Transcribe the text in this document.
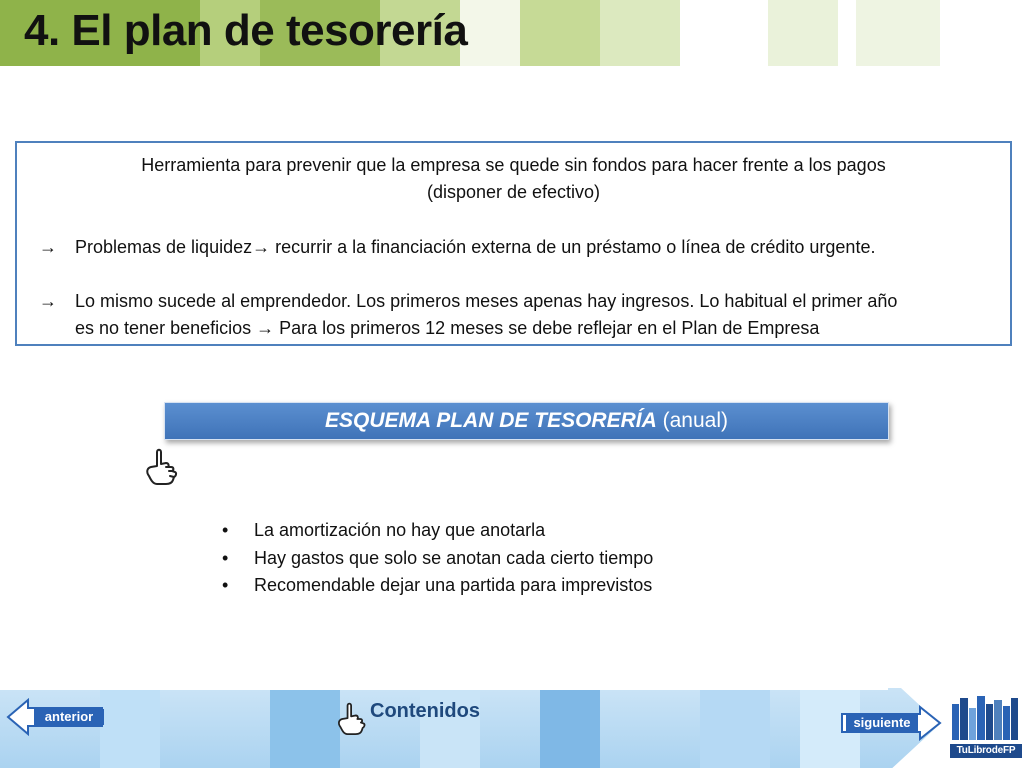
4. El plan de tesorería
Herramienta para prevenir que la empresa se quede sin fondos para hacer frente a los pagos
(disponer de efectivo)
→ Problemas de liquidez→ recurrir a la financiación externa de un préstamo o línea de crédito urgente.
→ Lo mismo sucede al emprendedor. Los primeros meses apenas hay ingresos. Lo habitual el primer año
es no tener beneficios → Para los primeros 12 meses se debe reflejar en el Plan de Empresa
ESQUEMA PLAN DE TESORERÍA (anual)
• La amortización no hay que anotarla
• Hay gastos que solo se anotan cada cierto tiempo
• Recomendable dejar una partida para imprevistos
anterior	Contenidos
siguiente
TuLibrodeFP
